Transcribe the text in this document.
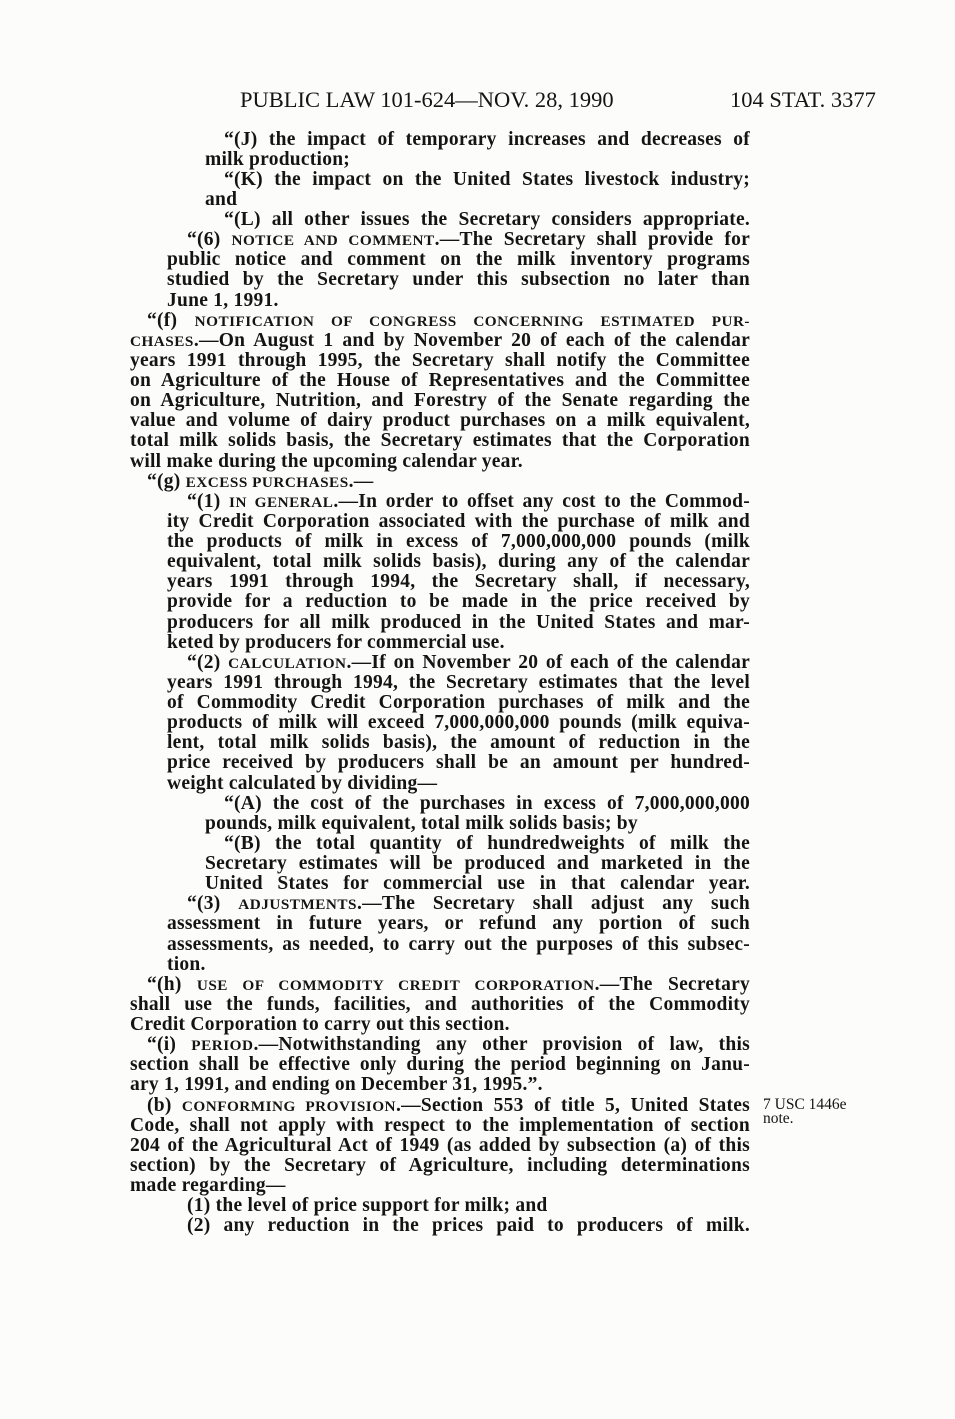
PUBLIC LAW 101-624—NOV. 28, 1990	104 STAT. 3377
“(J) the impact of temporary increases and decreases of
milk production;
“(K) the impact on the United States livestock industry;
and
“(L) all other issues the Secretary considers appropriate.
“(6) NOTICE AND COMMENT.—The Secretary shall provide for
public notice and comment on the milk inventory programs
studied by the Secretary under this subsection no later than
June 1, 1991.
“(f) NOTIFICATION OF CONGRESS CONCERNING ESTIMATED PUR-
CHASES.—On August 1 and by November 20 of each of the calendar
years 1991 through 1995, the Secretary shall notify the Committee
on Agriculture of the House of Representatives and the Committee
on Agriculture, Nutrition, and Forestry of the Senate regarding the
value and volume of dairy product purchases on a milk equivalent,
total milk solids basis, the Secretary estimates that the Corporation
will make during the upcoming calendar year.
“(g) EXCESS PURCHASES.—
“(1) IN GENERAL.—In order to offset any cost to the Commod-
ity Credit Corporation associated with the purchase of milk and
the products of milk in excess of 7,000,000,000 pounds (milk
equivalent, total milk solids basis), during any of the calendar
years 1991 through 1994, the Secretary shall, if necessary,
provide for a reduction to be made in the price received by
producers for all milk produced in the United States and mar-
keted by producers for commercial use.
“(2) CALCULATION.—If on November 20 of each of the calendar
years 1991 through 1994, the Secretary estimates that the level
of Commodity Credit Corporation purchases of milk and the
products of milk will exceed 7,000,000,000 pounds (milk equiva-
lent, total milk solids basis), the amount of reduction in the
price received by producers shall be an amount per hundred-
weight calculated by dividing—
“(A) the cost of the purchases in excess of 7,000,000,000
pounds, milk equivalent, total milk solids basis; by
“(B) the total quantity of hundredweights of milk the
Secretary estimates will be produced and marketed in the
United States for commercial use in that calendar year.
“(3) ADJUSTMENTS.—The Secretary shall adjust any such
assessment in future years, or refund any portion of such
assessments, as needed, to carry out the purposes of this subsec-
tion.
“(h) USE OF COMMODITY CREDIT CORPORATION.—The Secretary
shall use the funds, facilities, and authorities of the Commodity
Credit Corporation to carry out this section.
“(i) PERIOD.—Notwithstanding any other provision of law, this
section shall be effective only during the period beginning on Janu-
ary 1, 1991, and ending on December 31, 1995.”.
(b) CONFORMING PROVISION.—Section 553 of title 5, United States
Code, shall not apply with respect to the implementation of section
204 of the Agricultural Act of 1949 (as added by subsection (a) of this
section) by the Secretary of Agriculture, including determinations
made regarding—
(1) the level of price support for milk; and
(2) any reduction in the prices paid to producers of milk.
7 USC 1446e
note.
